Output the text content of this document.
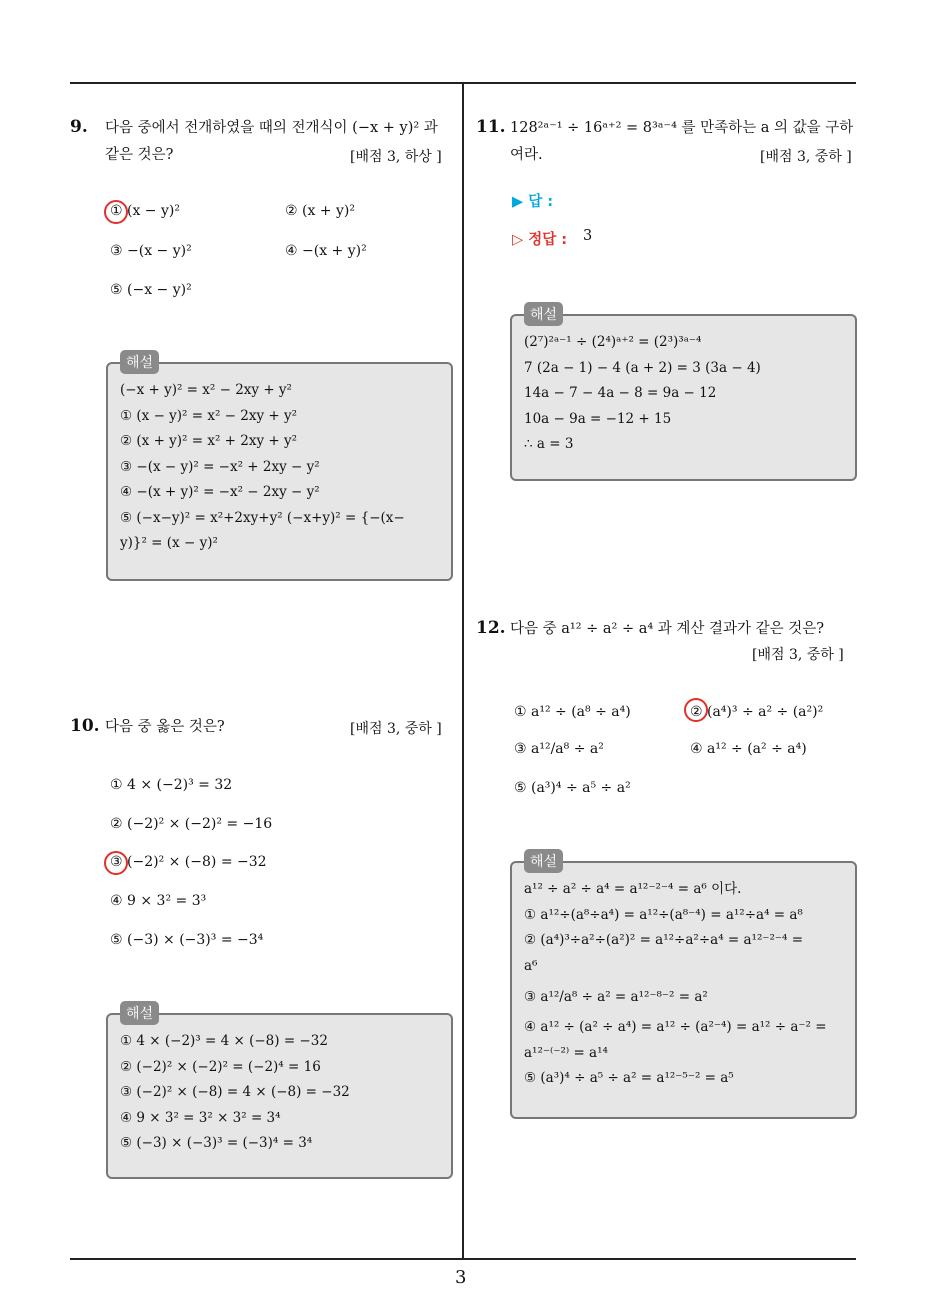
3
9. 다음 중에서 전개하였을 때의 전개식이 (−x + y)² 과
같은 것은?	[배점 3, 하상 ]
① (x − y)²	② (x + y)²
③ −(x − y)²	④ −(x + y)²
⑤ (−x − y)²
(−x + y)² = x² − 2xy + y²
① (x − y)² = x² − 2xy + y²
② (x + y)² = x² + 2xy + y²
③ −(x − y)² = −x² + 2xy − y²
④ −(x + y)² = −x² − 2xy − y²
⑤ (−x−y)² = x²+2xy+y² (−x+y)² = {−(x−
y)}² = (x − y)²
해설
10. 다음 중 옳은 것은?	[배점 3, 중하 ]
① 4 × (−2)³ = 32
② (−2)² × (−2)² = −16
③ (−2)² × (−8) = −32
④ 9 × 3² = 3³
⑤ (−3) × (−3)³ = −3⁴
① 4 × (−2)³ = 4 × (−8) = −32
② (−2)² × (−2)² = (−2)⁴ = 16
③ (−2)² × (−8) = 4 × (−8) = −32
④ 9 × 3² = 3² × 3² = 3⁴
⑤ (−3) × (−3)³ = (−3)⁴ = 3⁴
해설
11. 128²ᵃ⁻¹ ÷ 16ᵃ⁺² = 8³ᵃ⁻⁴ 를 만족하는 a 의 값을 구하
여라.	[배점 3, 중하 ]
▶ 답 :
▷ 정답 : 3
(2⁷)²ᵃ⁻¹ ÷ (2⁴)ᵃ⁺² = (2³)³ᵃ⁻⁴
7 (2a − 1) − 4 (a + 2) = 3 (3a − 4)
14a − 7 − 4a − 8 = 9a − 12
10a − 9a = −12 + 15
∴ a = 3
해설
12. 다음 중 a¹² ÷ a² ÷ a⁴ 과 계산 결과가 같은 것은?
[배점 3, 중하 ]
① a¹² ÷ (a⁸ ÷ a⁴)	② (a⁴)³ ÷ a² ÷ (a²)²
③ a¹²/a⁸ ÷ a²	④ a¹² ÷ (a² ÷ a⁴)
⑤ (a³)⁴ ÷ a⁵ ÷ a²
a¹² ÷ a² ÷ a⁴ = a¹²⁻²⁻⁴ = a⁶ 이다.
① a¹²÷(a⁸÷a⁴) = a¹²÷(a⁸⁻⁴) = a¹²÷a⁴ = a⁸
② (a⁴)³÷a²÷(a²)² = a¹²÷a²÷a⁴ = a¹²⁻²⁻⁴ =
a⁶
③ a¹²/a⁸ ÷ a² = a¹²⁻⁸⁻² = a²
④ a¹² ÷ (a² ÷ a⁴) = a¹² ÷ (a²⁻⁴) = a¹² ÷ a⁻² =
a¹²⁻⁽⁻²⁾ = a¹⁴
⑤ (a³)⁴ ÷ a⁵ ÷ a² = a¹²⁻⁵⁻² = a⁵
해설
